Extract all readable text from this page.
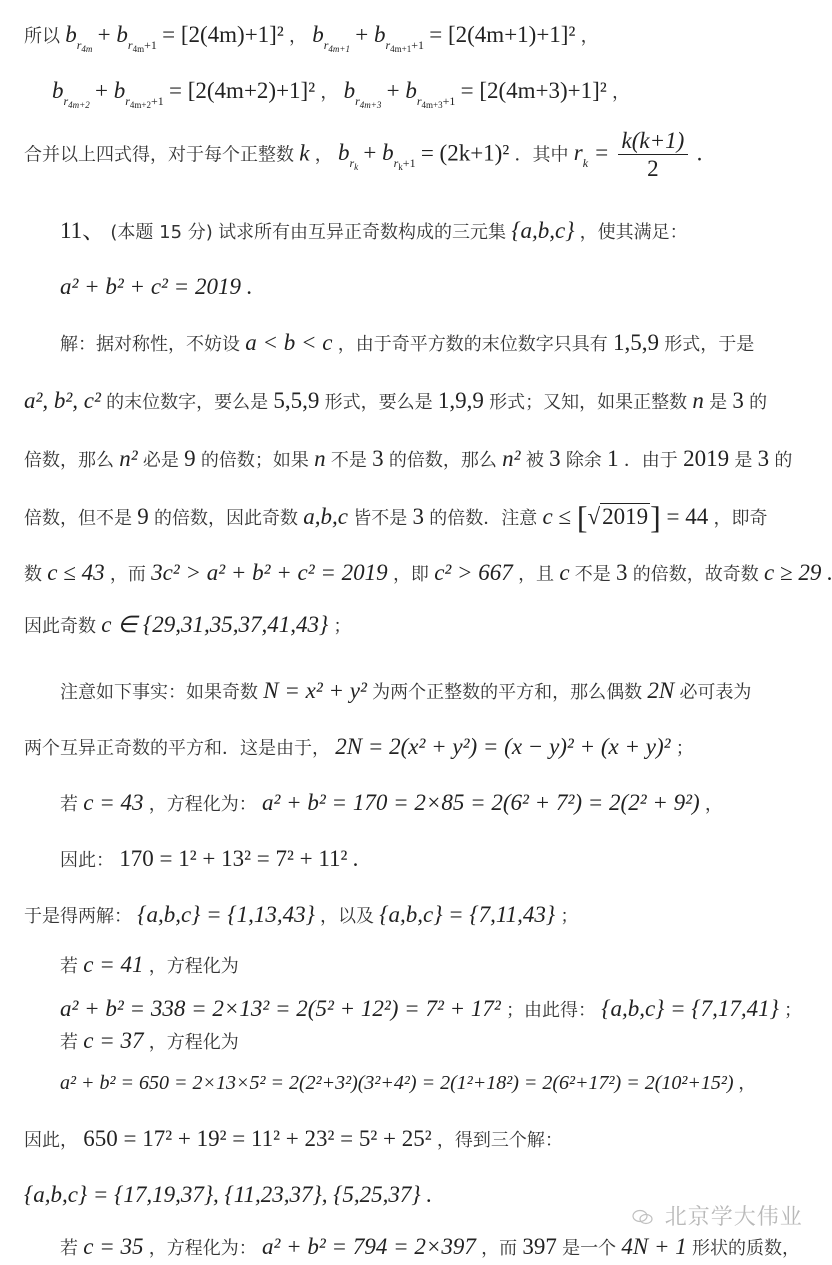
所以 $b_{r_{4m}} + b_{r_{4m}+1} = [2(4m)+1]^2$ ， $b_{r_{4m+1}} + b_{r_{4m+1}+1} = [2(4m+1)+1]^2$ ，
$b_{r_{4m+2}} + b_{r_{4m+2}+1} = [2(4m+2)+1]^2$ ， $b_{r_{4m+3}} + b_{r_{4m+3}+1} = [2(4m+3)+1]^2$ ，
合并以上四式得，对于每个正整数 k ， $b_{r_k} + b_{r_k+1} = (2k+1)^2$ ．其中 $r_k = \frac{k(k+1)}{2}$ .
11、 (本题 15 分) 试求所有由互异正奇数构成的三元集 {a,b,c} ，使其满足：
a² + b² + c² = 2019 .
解：据对称性，不妨设 a < b < c ，由于奇平方数的末位数字只具有 1,5,9 形式，于是
a², b², c² 的末位数字，要么是 5,5,9 形式，要么是 1,9,9 形式；又知，如果正整数 n 是 3 的
倍数，那么 n² 必是 9 的倍数；如果 n 不是 3 的倍数，那么 n² 被 3 除余 1 ．由于 2019 是 3 的
倍数，但不是 9 的倍数，因此奇数 a,b,c 皆不是 3 的倍数．注意 c ≤ [√2019] = 44 ，即奇
数 c ≤ 43 ，而 3c² > a² + b² + c² = 2019 ，即 c² > 667 ，且 c 不是 3 的倍数，故奇数 c ≥ 29 .
因此奇数 c ∈ {29,31,35,37,41,43} ；
注意如下事实：如果奇数 N = x² + y² 为两个正整数的平方和，那么偶数 2N 必可表为
两个互异正奇数的平方和．这是由于， 2N = 2(x² + y²) = (x − y)² + (x + y)² ；
若 c = 43 ，方程化为： a² + b² = 170 = 2×85 = 2(6² + 7²) = 2(2² + 9²) ，
因此： 170 = 1² + 13² = 7² + 11² .
于是得两解： {a,b,c} = {1,13,43} ，以及 {a,b,c} = {7,11,43} ；
若 c = 41 ，方程化为
a² + b² = 338 = 2×13² = 2(5² + 12²) = 7² + 17² ；由此得： {a,b,c} = {7,17,41} ；
若 c = 37 ，方程化为
a² + b² = 650 = 2×13×5² = 2(2²+3²)(3²+4²) = 2(1²+18²) = 2(6²+17²) = 2(10²+15²) ，
因此， 650 = 17² + 19² = 11² + 23² = 5² + 25² ，得到三个解：
{a,b,c} = {17,19,37}, {11,23,37}, {5,25,37} .
若 c = 35 ，方程化为： a² + b² = 794 = 2×397 ，而 397 是一个 4N + 1 形状的质数，
北京学大伟业
